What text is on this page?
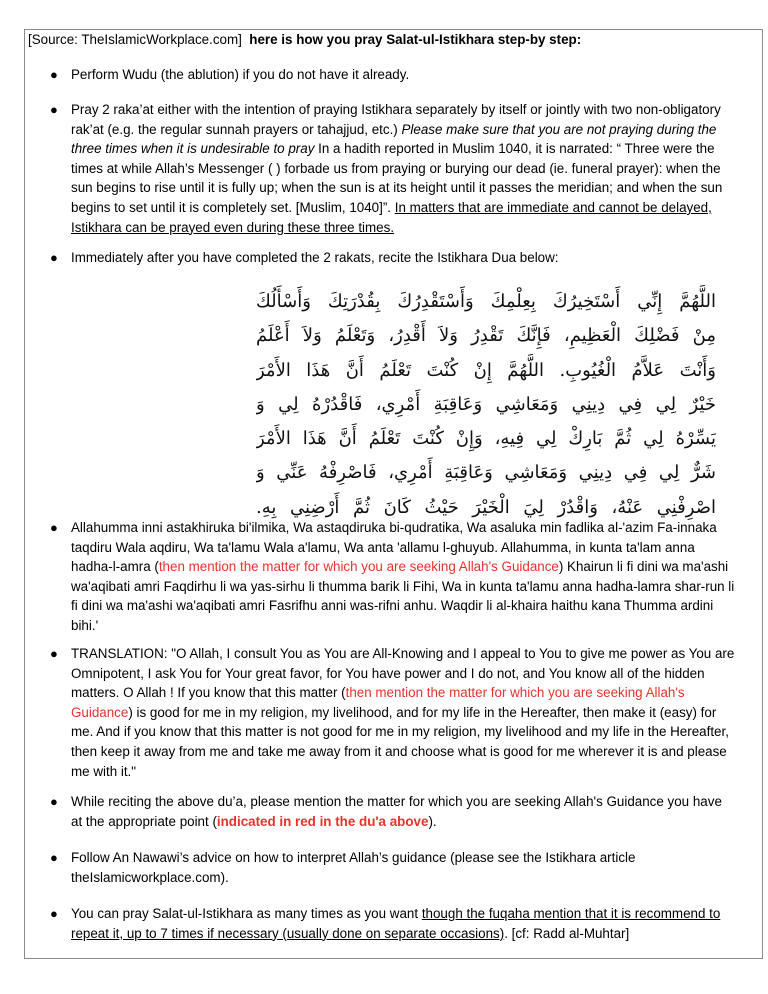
[Source: TheIslamicWorkplace.com] here is how you pray Salat-ul-Istikhara step-by step:
● Perform Wudu (the ablution) if you do not have it already.
● Pray 2 raka’at either with the intention of praying Istikhara separately by itself or jointly with two non-obligatory rak’at (e.g. the regular sunnah prayers or tahajjud, etc.) Please make sure that you are not praying during the three times when it is undesirable to pray In a hadith reported in Muslim 1040, it is narrated: “ Three were the times at while Allah’s Messenger ( ) forbade us from praying or burying our dead (ie. funeral prayer): when the sun begins to rise until it is fully up; when the sun is at its height until it passes the meridian; and when the sun begins to set until it is completely set. [Muslim, 1040]”. In matters that are immediate and cannot be delayed, Istikhara can be prayed even during these three times.
● Immediately after you have completed the 2 rakats, recite the Istikhara Dua below:
اللَّهُمَّ إِنِّي أَسْتَخِيرُكَ بِعِلْمِكَ وَأَسْتَقْدِرُكَ بِقُدْرَتِكَ وَأَسْأَلُكَ
مِنْ فَضْلِكَ الْعَظِيمِ، فَإِنَّكَ تَقْدِرُ وَلاَ أَقْدِرُ، وَتَعْلَمُ وَلاَ أَعْلَمُ
وَأَنْتَ عَلاَّمُ الْغُيُوبِ. اللَّهُمَّ إِنْ كُنْتَ تَعْلَمُ أَنَّ هَذَا الأَمْرَ
خَيْرٌ لِي فِي دِينِي وَمَعَاشِي وَعَاقِبَةِ أَمْرِي، فَاقْدُرْهُ لِي وَ
يَسِّرْهُ لِي ثُمَّ بَارِكْ لِي فِيهِ، وَإِنْ كُنْتَ تَعْلَمُ أَنَّ هَذَا الأَمْرَ
شَرٌّ لِي فِي دِينِي وَمَعَاشِي وَعَاقِبَةِ أَمْرِي، فَاصْرِفْهُ عَنِّي وَ
اصْرِفْنِي عَنْهُ، وَاقْدُرْ لِيَ الْخَيْرَ حَيْثُ كَانَ ثُمَّ أَرْضِنِي بِهِ.
● Allahumma inni astakhiruka bi'ilmika, Wa astaqdiruka bi-qudratika, Wa asaluka min fadlika al-'azim Fa-innaka taqdiru Wala aqdiru, Wa ta'lamu Wala a'lamu, Wa anta 'allamu l-ghuyub. Allahumma, in kunta ta'lam anna hadha-l-amra (then mention the matter for which you are seeking Allah's Guidance) Khairun li fi dini wa ma'ashi wa'aqibati amri Faqdirhu li wa yas-sirhu li thumma barik li Fihi, Wa in kunta ta'lamu anna hadha-lamra shar-run li fi dini wa ma'ashi wa'aqibati amri Fasrifhu anni was-rifni anhu. Waqdir li al-khaira haithu kana Thumma ardini bihi.'
● TRANSLATION: "O Allah, I consult You as You are All-Knowing and I appeal to You to give me power as You are Omnipotent, I ask You for Your great favor, for You have power and I do not, and You know all of the hidden matters. O Allah ! If you know that this matter (then mention the matter for which you are seeking Allah's Guidance) is good for me in my religion, my livelihood, and for my life in the Hereafter, then make it (easy) for me. And if you know that this matter is not good for me in my religion, my livelihood and my life in the Hereafter, then keep it away from me and take me away from it and choose what is good for me wherever it is and please me with it."
● While reciting the above du’a, please mention the matter for which you are seeking Allah's Guidance you have at the appropriate point (indicated in red in the du'a above).
● Follow An Nawawi’s advice on how to interpret Allah’s guidance (please see the Istikhara article theIslamicworkplace.com).
● You can pray Salat-ul-Istikhara as many times as you want though the fuqaha mention that it is recommend to repeat it, up to 7 times if necessary (usually done on separate occasions). [cf: Radd al-Muhtar]
